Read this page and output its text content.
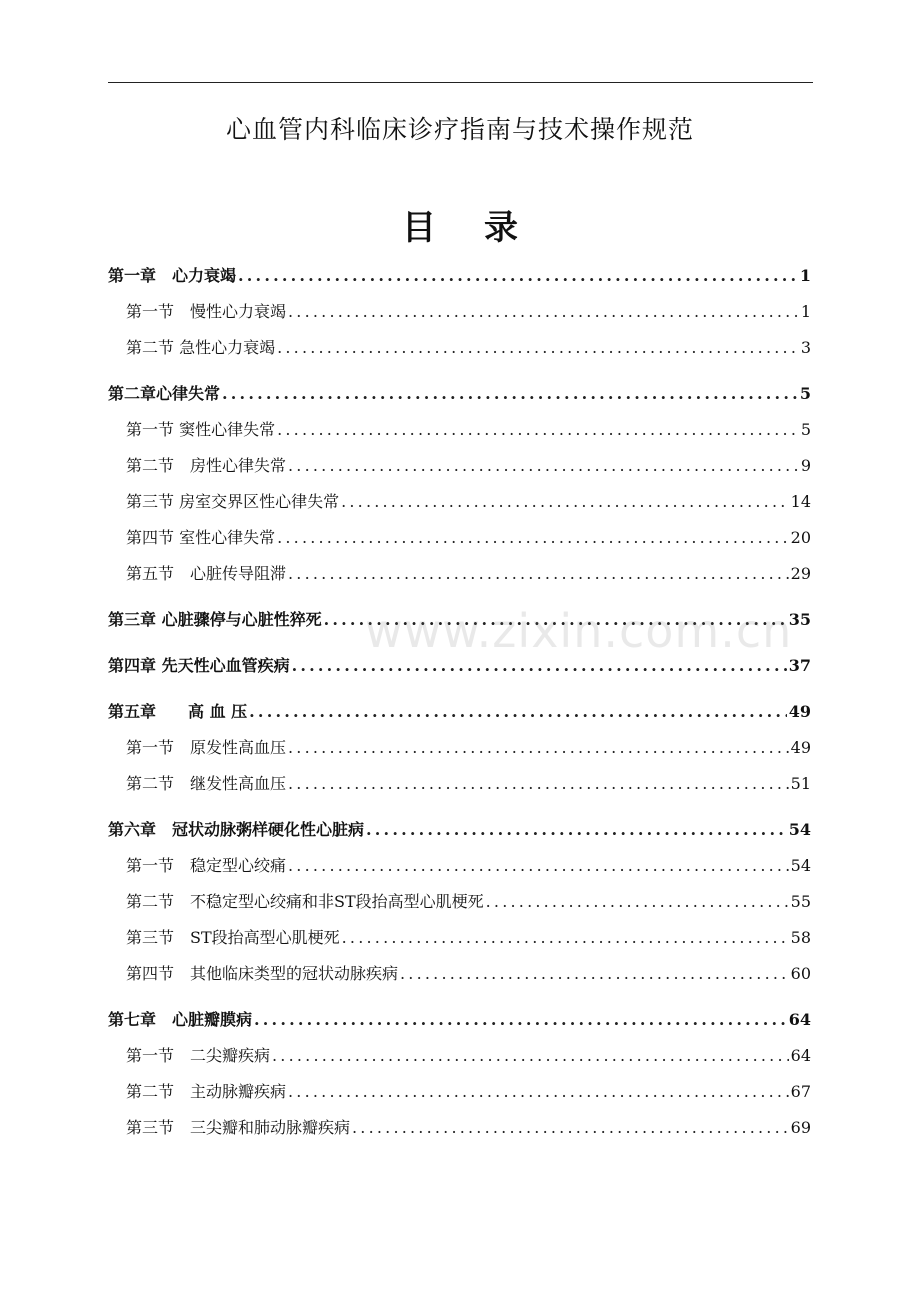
心血管内科临床诊疗指南与技术操作规范
目 录
第一章　心力衰竭 .....	1
第一节　慢性心力衰竭 .....	1
第二节 急性心力衰竭 .....	3
第二章心律失常 .....	5
第一节 窦性心律失常 .....	5
第二节　房性心律失常 .....	9
第三节 房室交界区性心律失常 .....	14
第四节 室性心律失常 .....	20
第五节　心脏传导阻滞 .....	29
第三章 心脏骤停与心脏性猝死 .....	35
第四章 先天性心血管疾病 .....	37
第五章　　高 血 压 .....	49
第一节　原发性高血压 .....	49
第二节　继发性高血压 .....	51
第六章　冠状动脉粥样硬化性心脏病 .....	54
第一节　稳定型心绞痛 .....	54
第二节　不稳定型心绞痛和非ST段抬高型心肌梗死 .....	55
第三节　ST段抬高型心肌梗死 .....	58
第四节　其他临床类型的冠状动脉疾病 .....	60
第七章　心脏瓣膜病 .....	64
第一节　二尖瓣疾病 .....	64
第二节　主动脉瓣疾病 .....	67
第三节　三尖瓣和肺动脉瓣疾病 .....	69
www.zixin.com.cn
